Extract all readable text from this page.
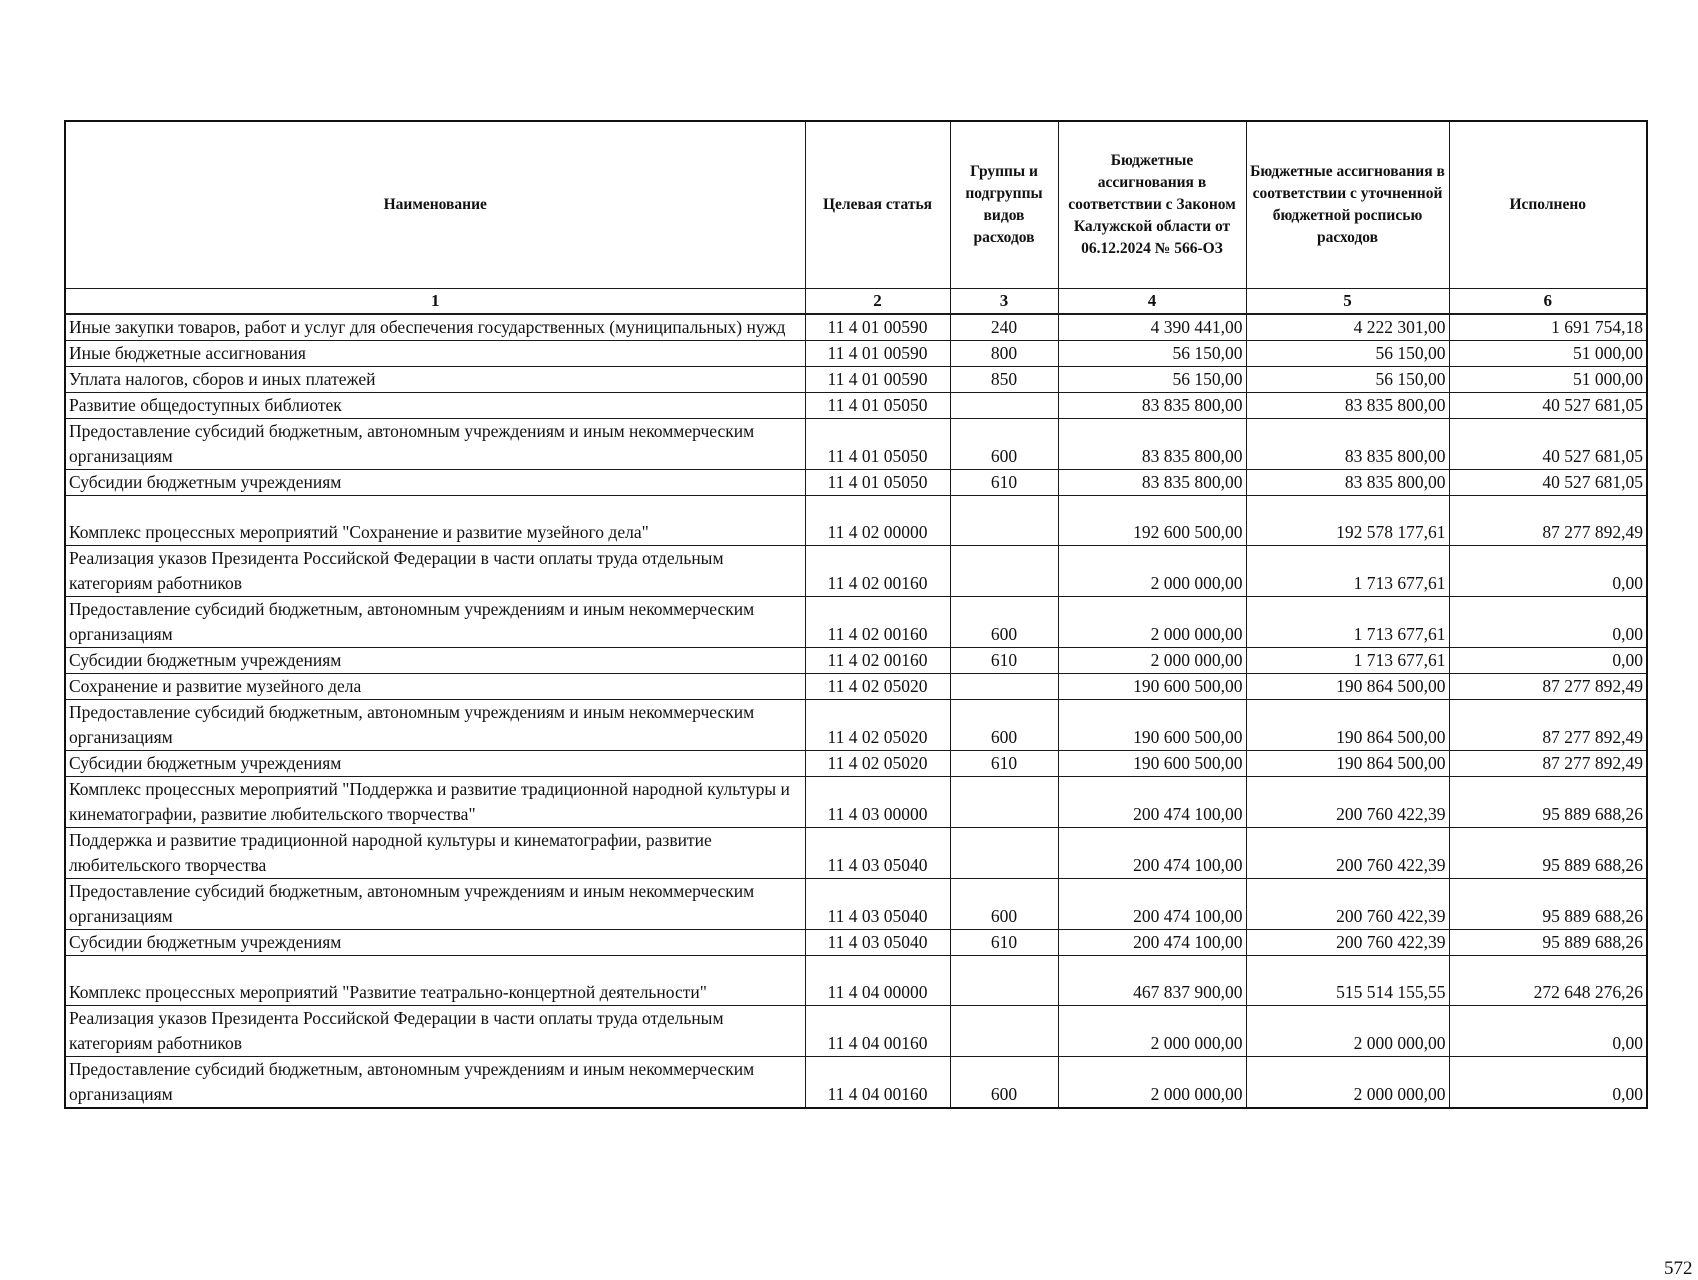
Наименование	Целевая статья	Группы и подгруппы видов расходов	Бюджетные ассигнования в соответствии с Законом Калужской области от 06.12.2024 № 566-ОЗ	Бюджетные ассигнования в соответствии с уточненной бюджетной росписью расходов	Исполнено
1	2	3	4	5	6
Иные закупки товаров, работ и услуг для обеспечения государственных (муниципальных) нужд	11 4 01 00590	240	4 390 441,00	4 222 301,00	1 691 754,18
Иные бюджетные ассигнования	11 4 01 00590	800	56 150,00	56 150,00	51 000,00
Уплата налогов, сборов и иных платежей	11 4 01 00590	850	56 150,00	56 150,00	51 000,00
Развитие общедоступных библиотек	11 4 01 05050		83 835 800,00	83 835 800,00	40 527 681,05
Предоставление субсидий бюджетным, автономным учреждениям и иным некоммерческим организациям	11 4 01 05050	600	83 835 800,00	83 835 800,00	40 527 681,05
Субсидии бюджетным учреждениям	11 4 01 05050	610	83 835 800,00	83 835 800,00	40 527 681,05
Комплекс процессных мероприятий "Сохранение и развитие музейного дела"	11 4 02 00000		192 600 500,00	192 578 177,61	87 277 892,49
Реализация указов Президента Российской Федерации в части оплаты труда отдельным категориям работников	11 4 02 00160		2 000 000,00	1 713 677,61	0,00
Предоставление субсидий бюджетным, автономным учреждениям и иным некоммерческим организациям	11 4 02 00160	600	2 000 000,00	1 713 677,61	0,00
Субсидии бюджетным учреждениям	11 4 02 00160	610	2 000 000,00	1 713 677,61	0,00
Сохранение и развитие музейного дела	11 4 02 05020		190 600 500,00	190 864 500,00	87 277 892,49
Предоставление субсидий бюджетным, автономным учреждениям и иным некоммерческим организациям	11 4 02 05020	600	190 600 500,00	190 864 500,00	87 277 892,49
Субсидии бюджетным учреждениям	11 4 02 05020	610	190 600 500,00	190 864 500,00	87 277 892,49
Комплекс процессных мероприятий "Поддержка и развитие традиционной народной культуры и кинематографии, развитие любительского творчества"	11 4 03 00000		200 474 100,00	200 760 422,39	95 889 688,26
Поддержка и развитие традиционной народной культуры и кинематографии, развитие любительского творчества	11 4 03 05040		200 474 100,00	200 760 422,39	95 889 688,26
Предоставление субсидий бюджетным, автономным учреждениям и иным некоммерческим организациям	11 4 03 05040	600	200 474 100,00	200 760 422,39	95 889 688,26
Субсидии бюджетным учреждениям	11 4 03 05040	610	200 474 100,00	200 760 422,39	95 889 688,26
Комплекс процессных мероприятий "Развитие театрально-концертной деятельности"	11 4 04 00000		467 837 900,00	515 514 155,55	272 648 276,26
Реализация указов Президента Российской Федерации в части оплаты труда отдельным категориям работников	11 4 04 00160		2 000 000,00	2 000 000,00	0,00
Предоставление субсидий бюджетным, автономным учреждениям и иным некоммерческим организациям	11 4 04 00160	600	2 000 000,00	2 000 000,00	0,00
572
